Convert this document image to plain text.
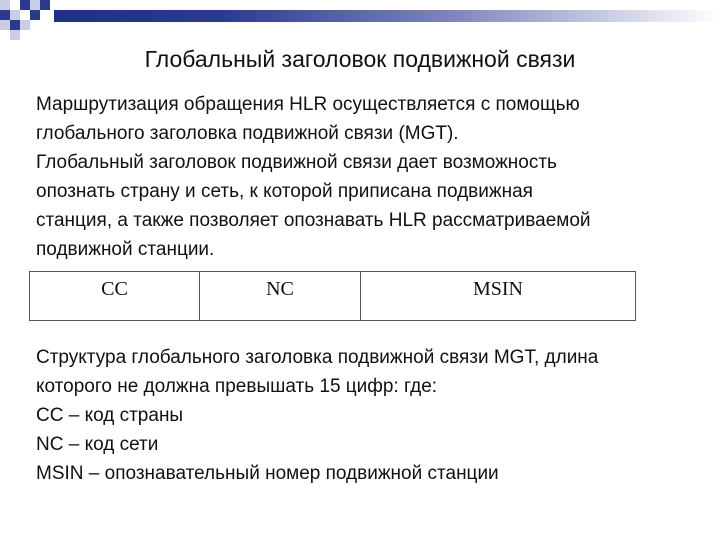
Глобальный заголовок подвижной связи
Маршрутизация обращения HLR осуществляется с помощью
глобального заголовка подвижной связи (MGT).
Глобальный заголовок подвижной связи дает возможность
опознать страну и сеть, к которой приписана подвижная
станция, а также позволяет опознавать HLR рассматриваемой
подвижной станции.
CC	NC	MSIN
Структура глобального заголовка подвижной связи MGT, длина
которого не должна превышать 15 цифр: где:
CC – код страны
NC – код сети
MSIN – опознавательный номер подвижной станции
